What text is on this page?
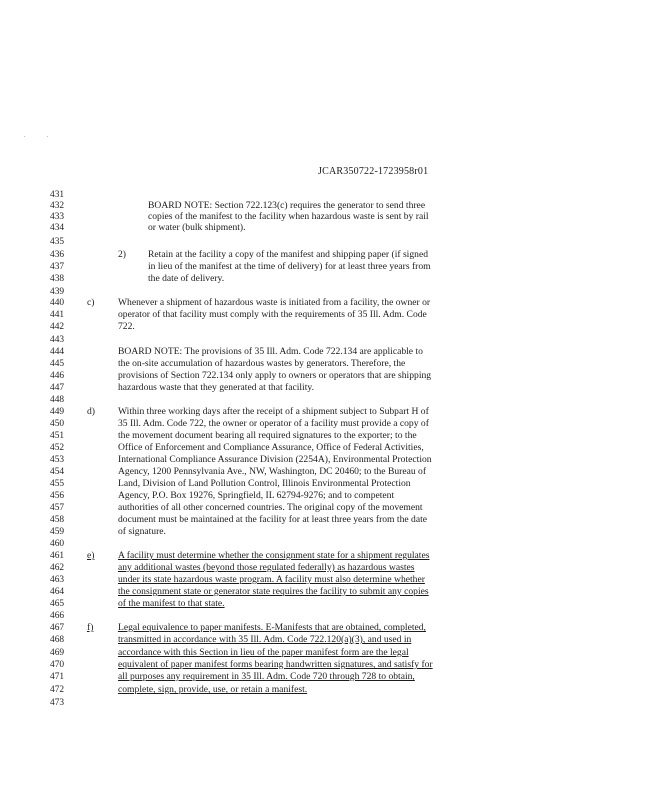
. .
JCAR350722-1723958r01
431
432
433
434
435
436
437
438
439
440
441
442
443
444
445
446
447
448
449
450
451
452
453
454
455
456
457
458
459
460
461
462
463
464
465
466
467
468
469
470
471
472
473
BOARD NOTE: Section 722.123(c) requires the generator to send three
copies of the manifest to the facility when hazardous waste is sent by rail
or water (bulk shipment).
2) Retain at the facility a copy of the manifest and shipping paper (if signed
in lieu of the manifest at the time of delivery) for at least three years from
the date of delivery.
c) Whenever a shipment of hazardous waste is initiated from a facility, the owner or
operator of that facility must comply with the requirements of 35 Ill. Adm. Code
722.
BOARD NOTE: The provisions of 35 Ill. Adm. Code 722.134 are applicable to
the on-site accumulation of hazardous wastes by generators. Therefore, the
provisions of Section 722.134 only apply to owners or operators that are shipping
hazardous waste that they generated at that facility.
d) Within three working days after the receipt of a shipment subject to Subpart H of
35 Ill. Adm. Code 722, the owner or operator of a facility must provide a copy of
the movement document bearing all required signatures to the exporter; to the
Office of Enforcement and Compliance Assurance, Office of Federal Activities,
International Compliance Assurance Division (2254A), Environmental Protection
Agency, 1200 Pennsylvania Ave., NW, Washington, DC 20460; to the Bureau of
Land, Division of Land Pollution Control, Illinois Environmental Protection
Agency, P.O. Box 19276, Springfield, IL 62794-9276; and to competent
authorities of all other concerned countries. The original copy of the movement
document must be maintained at the facility for at least three years from the date
of signature.
e) A facility must determine whether the consignment state for a shipment regulates
any additional wastes (beyond those regulated federally) as hazardous wastes
under its state hazardous waste program. A facility must also determine whether
the consignment state or generator state requires the facility to submit any copies
of the manifest to that state.
f)	Legal equivalence to paper manifests. E-Manifests that are obtained, completed,
transmitted in accordance with 35 Ill. Adm. Code 722.120(a)(3), and used in
accordance with this Section in lieu of the paper manifest form are the legal
equivalent of paper manifest forms bearing handwritten signatures, and satisfy for
all purposes any requirement in 35 Ill. Adm. Code 720 through 728 to obtain,
complete, sign, provide, use, or retain a manifest.
